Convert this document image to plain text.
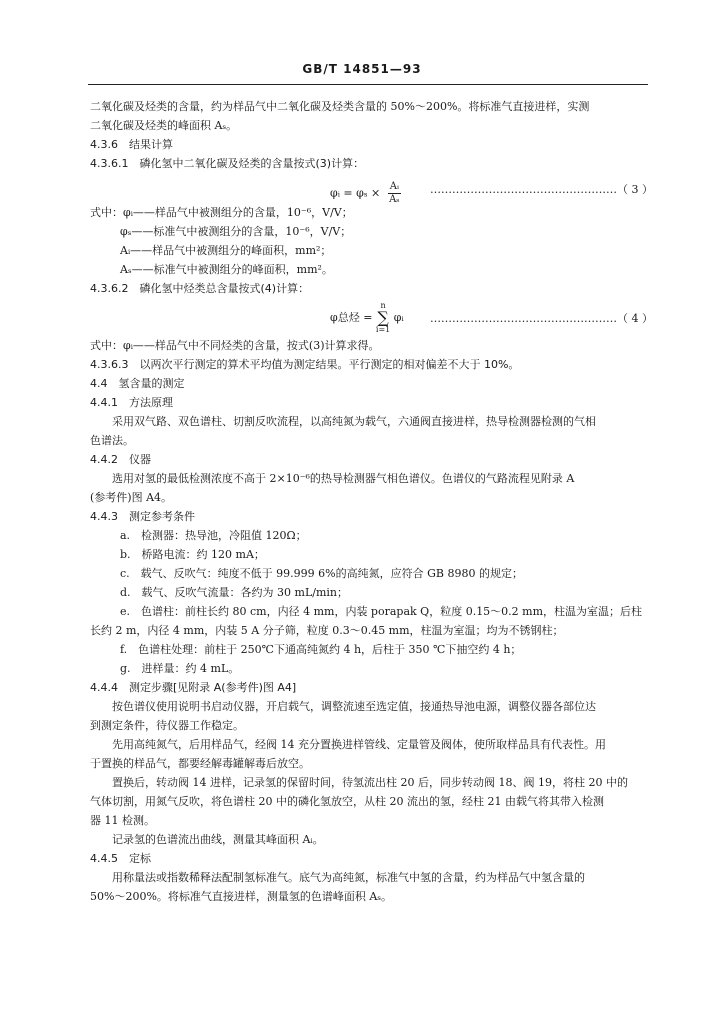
GB/T 14851—93
二氧化碳及烃类的含量，约为样品气中二氧化碳及烃类含量的 50%～200%。将标准气直接进样，实测
二氧化碳及烃类的峰面积 Aₛ。
4.3.6　结果计算
4.3.6.1　磷化氢中二氧化碳及烃类的含量按式(3)计算：
φᵢ = $\varphi_s \times \frac{\text{Aᵢ}}{\text{Aₛ}}$	……………………………………………（ 3 ）
式中：φᵢ——样品气中被测组分的含量，10⁻⁶，V/V；
φₛ——标准气中被测组分的含量，10⁻⁶，V/V；
Aᵢ——样品气中被测组分的峰面积，mm²；
Aₛ——标准气中被测组分的峰面积，mm²。
4.3.6.2　磷化氢中烃类总含量按式(4)计算：
φ总烃 = n
∑
i=1 φᵢ ……………………………………………（ 4 ）
式中：φᵢ——样品气中不同烃类的含量，按式(3)计算求得。
4.3.6.3　以两次平行测定的算术平均值为测定结果。平行测定的相对偏差不大于 10%。
4.4　氢含量的测定
4.4.1　方法原理
采用双气路、双色谱柱、切割反吹流程，以高纯氮为载气，六通阀直接进样，热导检测器检测的气相
色谱法。
4.4.2　仪器
选用对氢的最低检测浓度不高于 2×10⁻⁶的热导检测器气相色谱仪。色谱仪的气路流程见附录 A
(参考件)图 A4。
4.4.3　测定参考条件
a.　检测器：热导池，冷阻值 120Ω；
b.　桥路电流：约 120 mA；
c.　载气、反吹气：纯度不低于 99.999 6%的高纯氮，应符合 GB 8980 的规定；
d.　载气、反吹气流量：各约为 30 mL/min；
e.　色谱柱：前柱长约 80 cm，内径 4 mm，内装 porapak Q，粒度 0.15～0.2 mm，柱温为室温；后柱
长约 2 m，内径 4 mm，内装 5 A 分子筛，粒度 0.3～0.45 mm，柱温为室温；均为不锈钢柱；
f.　色谱柱处理：前柱于 250℃下通高纯氮约 4 h，后柱于 350 ℃下抽空约 4 h；
g.　进样量：约 4 mL。
4.4.4　测定步骤[见附录 A(参考件)图 A4]
按色谱仪使用说明书启动仪器，开启载气，调整流速至选定值，接通热导池电源，调整仪器各部位达
到测定条件，待仪器工作稳定。
先用高纯氮气，后用样品气，经阀 14 充分置换进样管线、定量管及阀体，使所取样品具有代表性。用
于置换的样品气，都要经解毒罐解毒后放空。
置换后，转动阀 14 进样，记录氢的保留时间，待氢流出柱 20 后，同步转动阀 18、阀 19，将柱 20 中的
气体切割，用氮气反吹，将色谱柱 20 中的磷化氢放空，从柱 20 流出的氢，经柱 21 由载气将其带入检测
器 11 检测。
记录氢的色谱流出曲线，测量其峰面积 Aᵢ。
4.4.5　定标
用称量法或指数稀释法配制氢标准气。底气为高纯氮，标准气中氢的含量，约为样品气中氢含量的
50%～200%。将标准气直接进样，测量氢的色谱峰面积 Aₛ。
